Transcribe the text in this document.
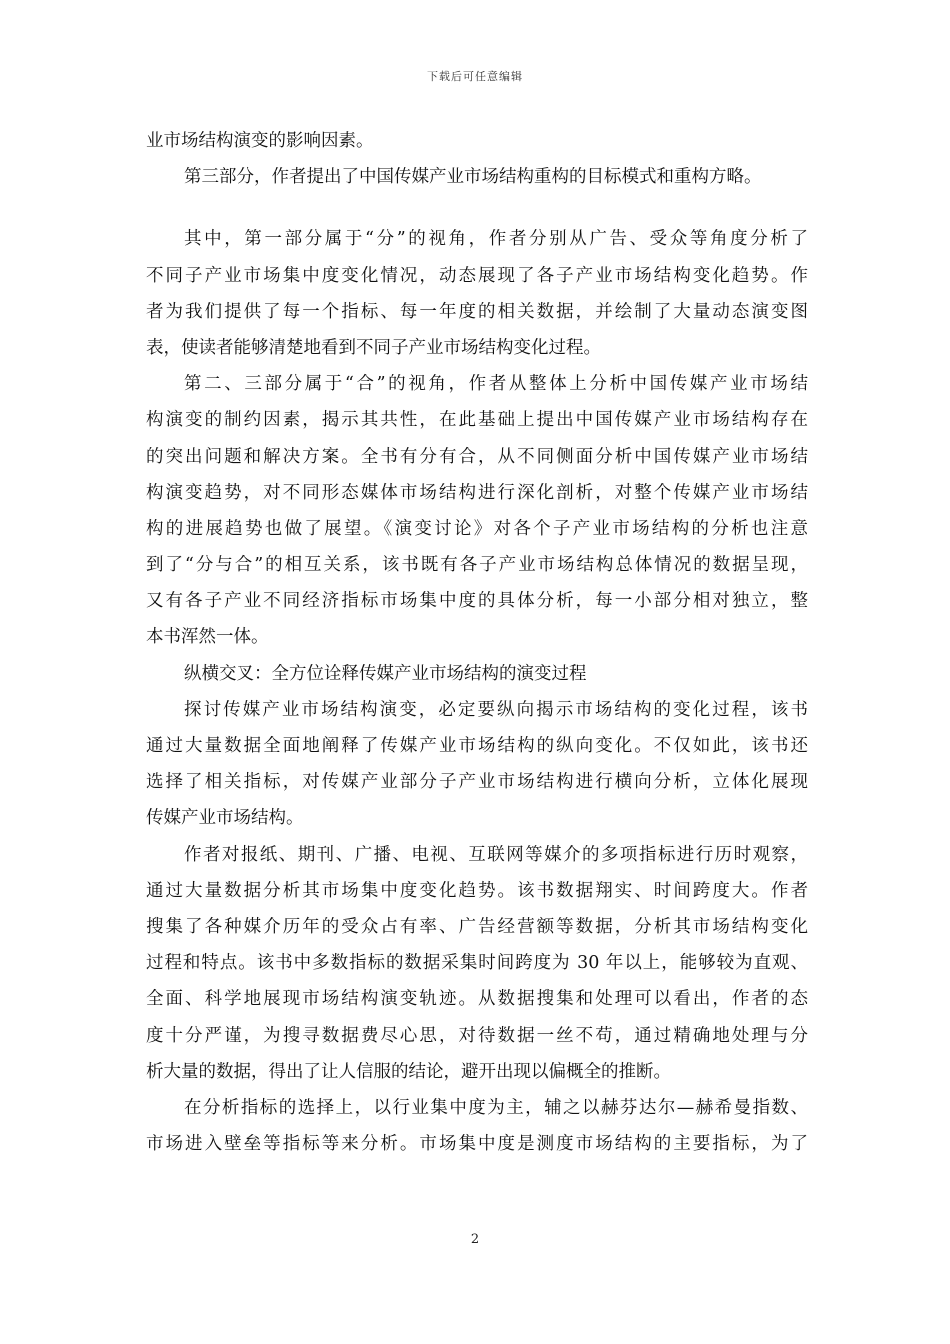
下载后可任意编辑
业市场结构演变的影响因素。
第三部分，作者提出了中国传媒产业市场结构重构的目标模式和重构方略。
其中，第一部分属于“分”的视角，作者分别从广告、受众等角度分析了
不同子产业市场集中度变化情况，动态展现了各子产业市场结构变化趋势。作
者为我们提供了每一个指标、每一年度的相关数据，并绘制了大量动态演变图
表，使读者能够清楚地看到不同子产业市场结构变化过程。
第二、三部分属于“合”的视角，作者从整体上分析中国传媒产业市场结
构演变的制约因素，揭示其共性，在此基础上提出中国传媒产业市场结构存在
的突出问题和解决方案。全书有分有合，从不同侧面分析中国传媒产业市场结
构演变趋势，对不同形态媒体市场结构进行深化剖析，对整个传媒产业市场结
构的进展趋势也做了展望。《演变讨论》对各个子产业市场结构的分析也注意
到了“分与合”的相互关系，该书既有各子产业市场结构总体情况的数据呈现，
又有各子产业不同经济指标市场集中度的具体分析，每一小部分相对独立，整
本书浑然一体。
纵横交叉：全方位诠释传媒产业市场结构的演变过程
探讨传媒产业市场结构演变，必定要纵向揭示市场结构的变化过程，该书
通过大量数据全面地阐释了传媒产业市场结构的纵向变化。不仅如此，该书还
选择了相关指标，对传媒产业部分子产业市场结构进行横向分析，立体化展现
传媒产业市场结构。
作者对报纸、期刊、广播、电视、互联网等媒介的多项指标进行历时观察，
通过大量数据分析其市场集中度变化趋势。该书数据翔实、时间跨度大。作者
搜集了各种媒介历年的受众占有率、广告经营额等数据，分析其市场结构变化
过程和特点。该书中多数指标的数据采集时间跨度为 30 年以上，能够较为直观、
全面、科学地展现市场结构演变轨迹。从数据搜集和处理可以看出，作者的态
度十分严谨，为搜寻数据费尽心思，对待数据一丝不苟，通过精确地处理与分
析大量的数据，得出了让人信服的结论，避开出现以偏概全的推断。
在分析指标的选择上，以行业集中度为主，辅之以赫芬达尔—赫希曼指数、
市场进入壁垒等指标等来分析。市场集中度是测度市场结构的主要指标，为了
2
